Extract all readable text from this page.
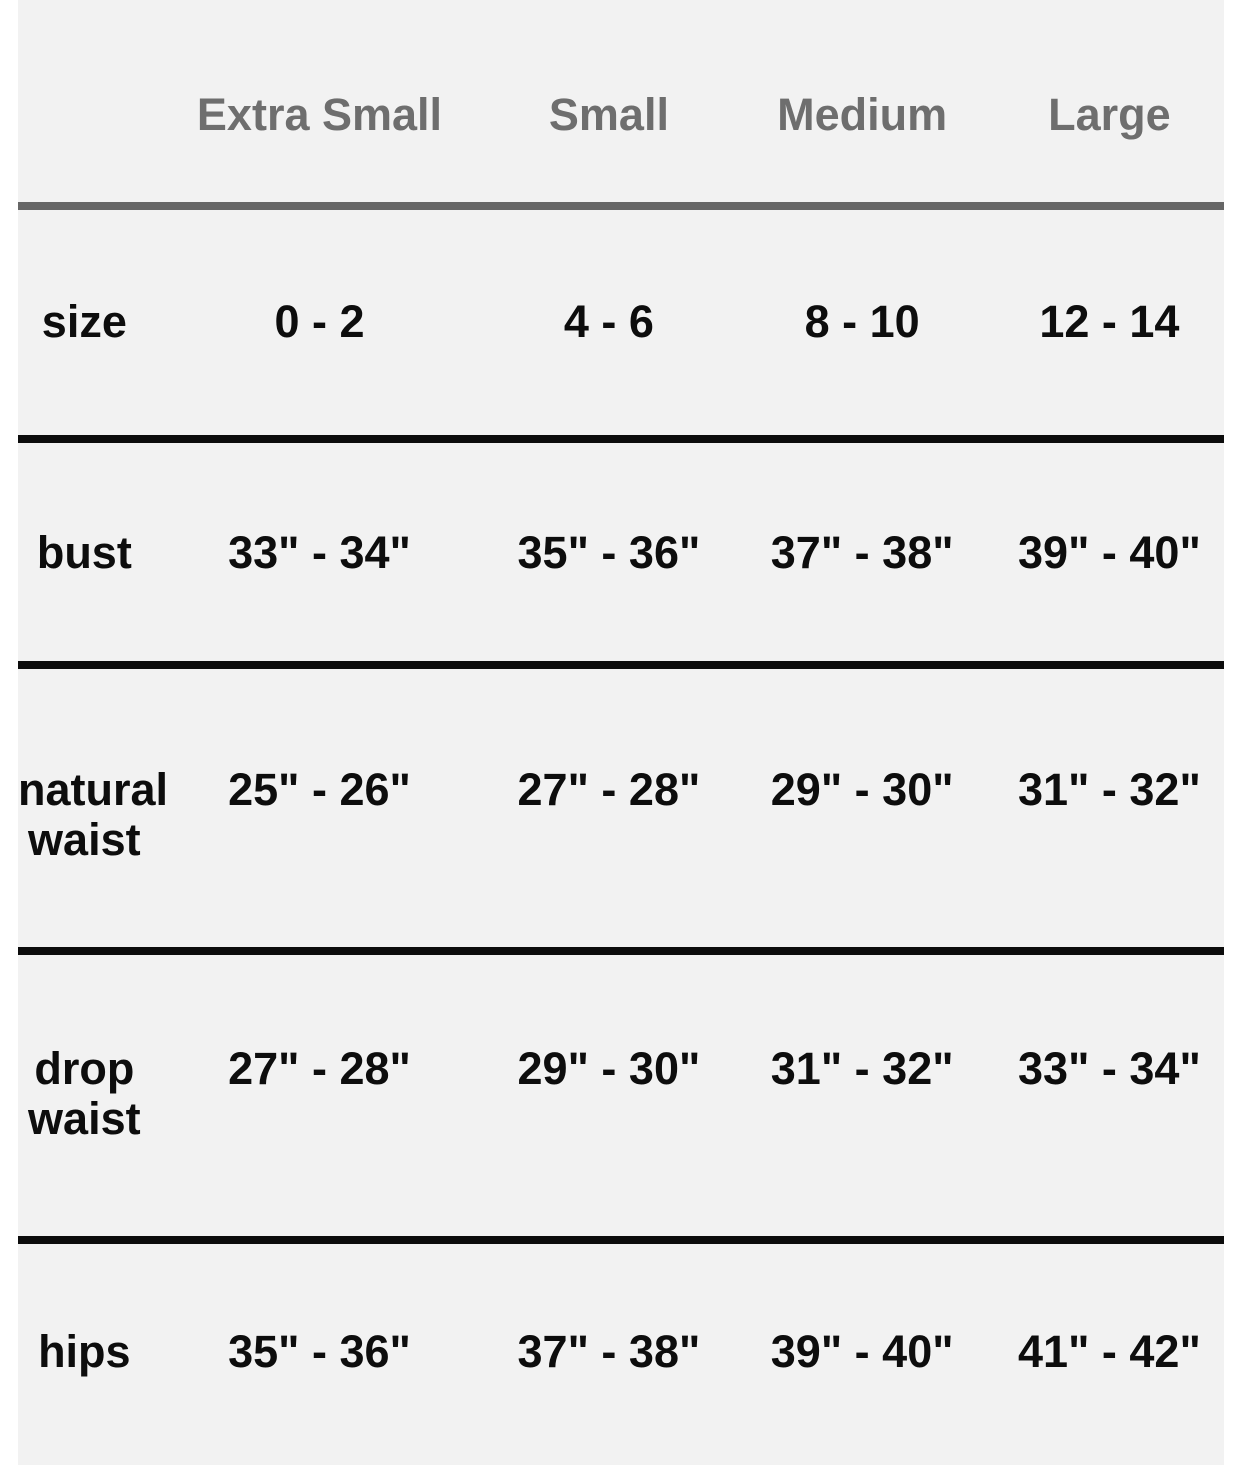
	Extra Small	Small	Medium	Large
size	0 - 2	4 - 6	8 - 10	12 - 14
bust	33" - 34"	35" - 36"	37" - 38"	39" - 40"
natural waist	25" - 26"	27" - 28"	29" - 30"	31" - 32"
drop waist	27" - 28"	29" - 30"	31" - 32"	33" - 34"
hips	35" - 36"	37" - 38"	39" - 40"	41" - 42"
